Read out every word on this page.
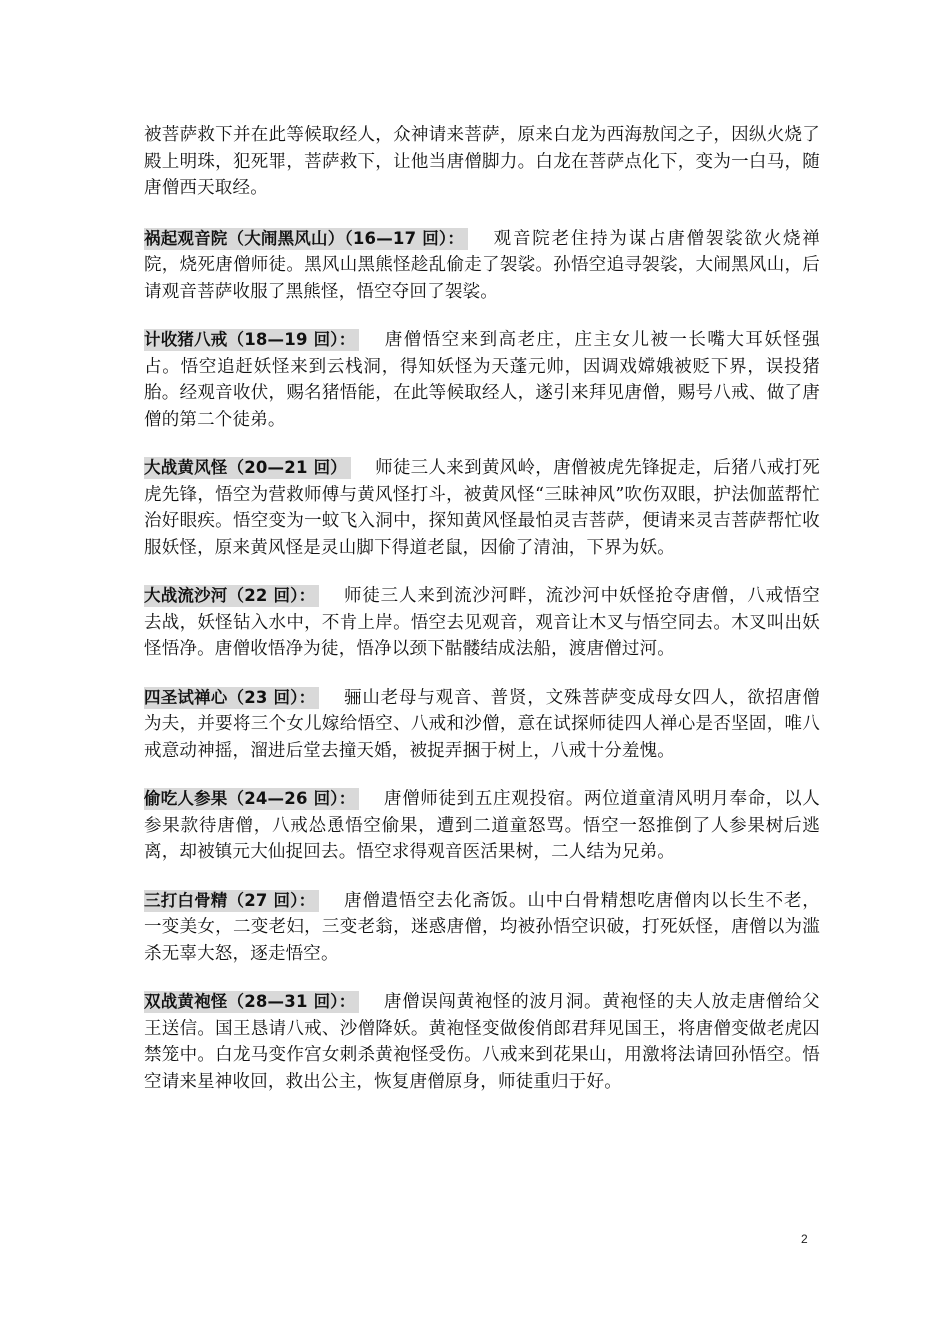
被菩萨救下并在此等候取经人，众神请来菩萨，原来白龙为西海敖闰之子，因纵火烧了殿上明珠，犯死罪，菩萨救下，让他当唐僧脚力。白龙在菩萨点化下，变为一白马，随唐僧西天取经。

祸起观音院（大闹黑风山）（16—17 回）： 观音院老住持为谋占唐僧袈裟欲火烧禅院，烧死唐僧师徒。黑风山黑熊怪趁乱偷走了袈裟。孙悟空追寻袈裟，大闹黑风山，后请观音菩萨收服了黑熊怪，悟空夺回了袈裟。

计收猪八戒（18—19 回）： 唐僧悟空来到高老庄，庄主女儿被一长嘴大耳妖怪强占。悟空追赶妖怪来到云栈洞，得知妖怪为天蓬元帅，因调戏嫦娥被贬下界，误投猪胎。经观音收伏，赐名猪悟能，在此等候取经人，遂引来拜见唐僧，赐号八戒、做了唐僧的第二个徒弟。

大战黄风怪（20—21 回） 师徒三人来到黄风岭，唐僧被虎先锋捉走，后猪八戒打死虎先锋，悟空为营救师傅与黄风怪打斗，被黄风怪“三昧神风”吹伤双眼，护法伽蓝帮忙治好眼疾。悟空变为一蚊飞入洞中，探知黄风怪最怕灵吉菩萨，便请来灵吉菩萨帮忙收服妖怪，原来黄风怪是灵山脚下得道老鼠，因偷了清油，下界为妖。

大战流沙河（22 回）： 师徒三人来到流沙河畔，流沙河中妖怪抢夺唐僧，八戒悟空去战，妖怪钻入水中，不肯上岸。悟空去见观音，观音让木叉与悟空同去。木叉叫出妖怪悟净。唐僧收悟净为徒，悟净以颈下骷髅结成法船，渡唐僧过河。

四圣试禅心（23 回）： 骊山老母与观音、普贤，文殊菩萨变成母女四人，欲招唐僧为夫，并要将三个女儿嫁给悟空、八戒和沙僧，意在试探师徒四人禅心是否坚固，唯八戒意动神摇，溜进后堂去撞天婚，被捉弄捆于树上，八戒十分羞愧。

偷吃人参果（24—26 回）： 唐僧师徒到五庄观投宿。两位道童清风明月奉命，以人参果款待唐僧，八戒怂恿悟空偷果，遭到二道童怒骂。悟空一怒推倒了人参果树后逃离，却被镇元大仙捉回去。悟空求得观音医活果树，二人结为兄弟。

三打白骨精（27 回）： 唐僧遣悟空去化斋饭。山中白骨精想吃唐僧肉以长生不老，一变美女，二变老妇，三变老翁，迷惑唐僧，均被孙悟空识破，打死妖怪，唐僧以为滥杀无辜大怒，逐走悟空。

双战黄袍怪（28—31 回）： 唐僧误闯黄袍怪的波月洞。黄袍怪的夫人放走唐僧给父王送信。国王恳请八戒、沙僧降妖。黄袍怪变做俊俏郎君拜见国王，将唐僧变做老虎囚禁笼中。白龙马变作宫女刺杀黄袍怪受伤。八戒来到花果山，用激将法请回孙悟空。悟空请来星神收回，救出公主，恢复唐僧原身，师徒重归于好。

2
